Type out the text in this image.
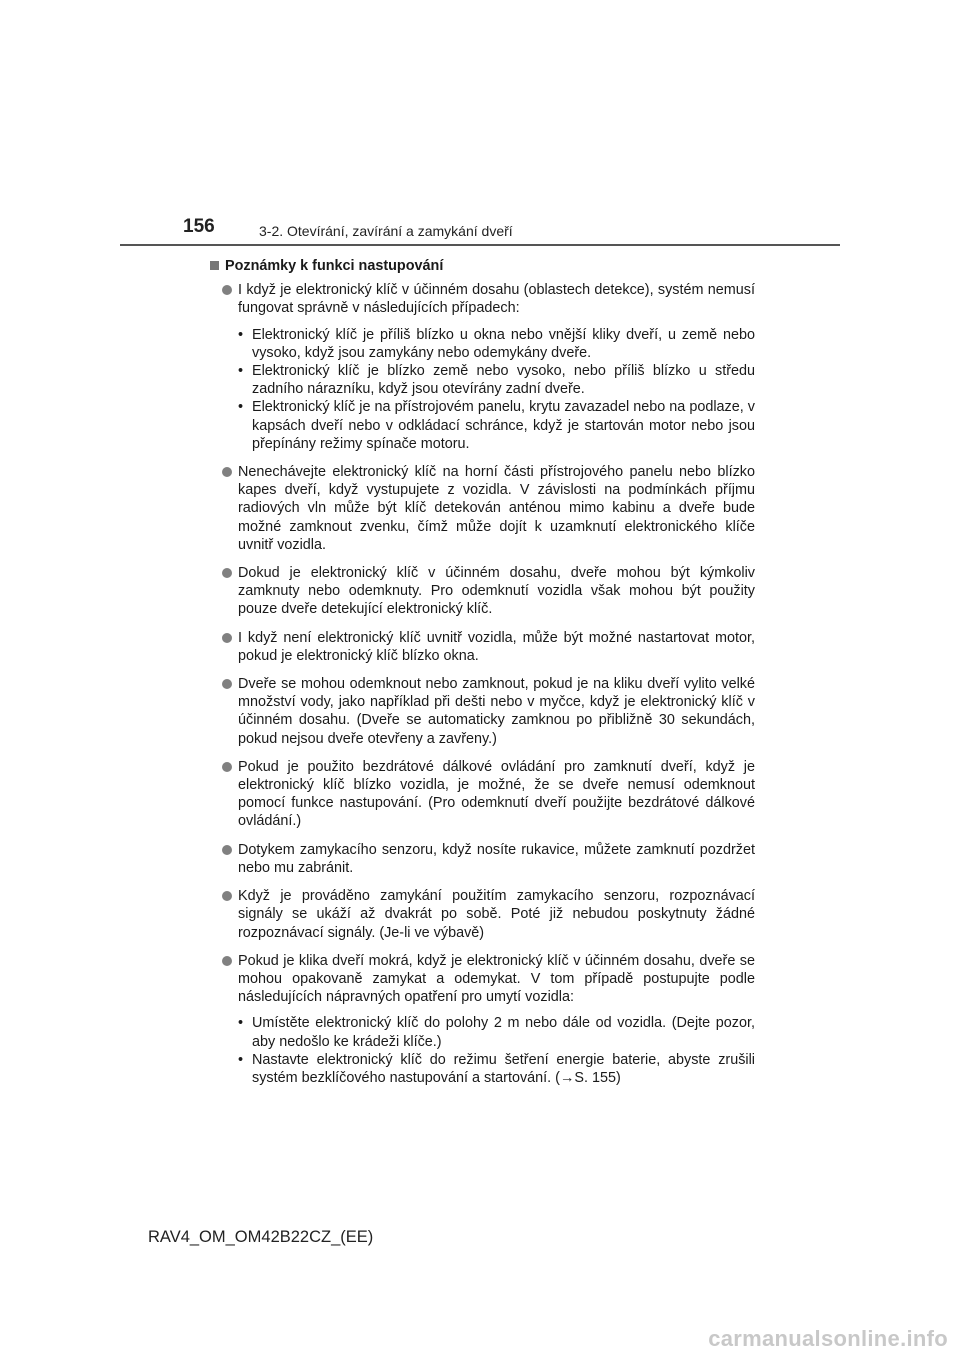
156	3-2. Otevírání, zavírání a zamykání dveří
Poznámky k funkci nastupování
I když je elektronický klíč v účinném dosahu (oblastech detekce), systém nemusí fungovat správně v následujících případech:
• Elektronický klíč je příliš blízko u okna nebo vnější kliky dveří, u země nebo vysoko, když jsou zamykány nebo odemykány dveře.
• Elektronický klíč je blízko země nebo vysoko, nebo příliš blízko u středu zadního nárazníku, když jsou otevírány zadní dveře.
• Elektronický klíč je na přístrojovém panelu, krytu zavazadel nebo na podlaze, v kapsách dveří nebo v odkládací schránce, když je startován motor nebo jsou přepínány režimy spínače motoru.
Nenechávejte elektronický klíč na horní části přístrojového panelu nebo blízko kapes dveří, když vystupujete z vozidla. V závislosti na podmínkách příjmu radiových vln může být klíč detekován anténou mimo kabinu a dveře bude možné zamknout zvenku, čímž může dojít k uzamknutí elektronického klíče uvnitř vozidla.
Dokud je elektronický klíč v účinném dosahu, dveře mohou být kýmkoliv zamknuty nebo odemknuty. Pro odemknutí vozidla však mohou být použity pouze dveře detekující elektronický klíč.
I když není elektronický klíč uvnitř vozidla, může být možné nastartovat motor, pokud je elektronický klíč blízko okna.
Dveře se mohou odemknout nebo zamknout, pokud je na kliku dveří vylito velké množství vody, jako například při dešti nebo v myčce, když je elektronický klíč v účinném dosahu. (Dveře se automaticky zamknou po přibližně 30 sekundách, pokud nejsou dveře otevřeny a zavřeny.)
Pokud je použito bezdrátové dálkové ovládání pro zamknutí dveří, když je elektronický klíč blízko vozidla, je možné, že se dveře nemusí odemknout pomocí funkce nastupování. (Pro odemknutí dveří použijte bezdrátové dálkové ovládání.)
Dotykem zamykacího senzoru, když nosíte rukavice, můžete zamknutí pozdržet nebo mu zabránit.
Když je prováděno zamykání použitím zamykacího senzoru, rozpoznávací signály se ukáží až dvakrát po sobě. Poté již nebudou poskytnuty žádné rozpoznávací signály. (Je-li ve výbavě)
Pokud je klika dveří mokrá, když je elektronický klíč v účinném dosahu, dveře se mohou opakovaně zamykat a odemykat. V tom případě postupujte podle následujících nápravných opatření pro umytí vozidla:
• Umístěte elektronický klíč do polohy 2 m nebo dále od vozidla. (Dejte pozor, aby nedošlo ke krádeži klíče.)
• Nastavte elektronický klíč do režimu šetření energie baterie, abyste zrušili systém bezklíčového nastupování a startování. (→S. 155)
RAV4_OM_OM42B22CZ_(EE)
carmanualsonline.info
